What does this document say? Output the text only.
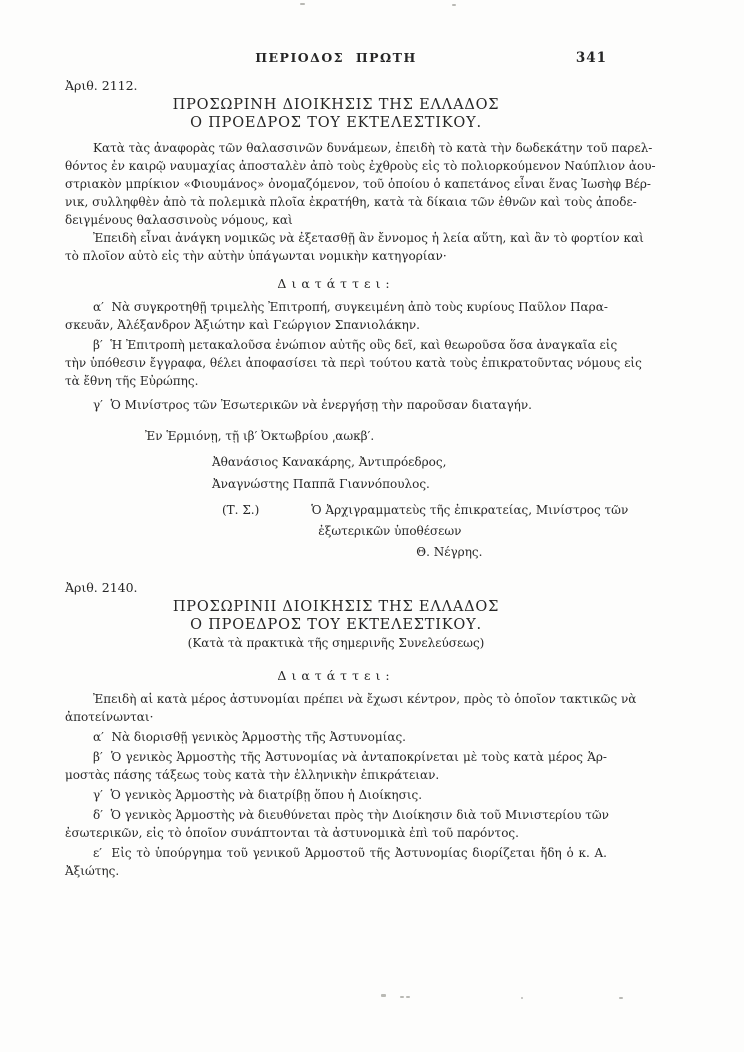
ΠΕΡΙΟΔΟΣ  ΠΡΩΤΗ	341
Ἀριθ. 2112.
ΠΡΟΣΩΡΙΝΗ ΔΙΟΙΚΗΣΙΣ ΤΗΣ ΕΛΛΑΔΟΣ
Ο ΠΡΟΕΔΡΟΣ ΤΟΥ ΕΚΤΕΛΕΣΤΙΚΟΥ.
Κατὰ τὰς ἀναφορὰς τῶν θαλασσινῶν δυνάμεων, ἐπειδὴ τὸ κατὰ τὴν δωδεκάτην τοῦ παρελ-
θόντος ἐν καιρῷ ναυμαχίας ἀποσταλὲν ἀπὸ τοὺς ἐχθροὺς εἰς τὸ πολιορκούμενον Ναύπλιον ἀου-
στριακὸν μπρίκιον «Φιουμάνος» ὀνομαζόμενον, τοῦ ὁποίου ὁ καπετάνος εἶναι ἕνας Ἰωσὴφ Βέρ-
νικ, συλληφθὲν ἀπὸ τὰ πολεμικὰ πλοῖα ἐκρατήθη, κατὰ τὰ δίκαια τῶν ἐθνῶν καὶ τοὺς ἀποδε-
δειγμένους θαλασσινοὺς νόμους, καὶ
Ἐπειδὴ εἶναι ἀνάγκη νομικῶς νὰ ἐξετασθῇ ἂν ἔννομος ἡ λεία αὕτη, καὶ ἂν τὸ φορτίον καὶ
τὸ πλοῖον αὐτὸ εἰς τὴν αὐτὴν ὑπάγωνται νομικὴν κατηγορίαν·
Διατάττει:
α′  Νὰ συγκροτηθῇ τριμελὴς Ἐπιτροπή, συγκειμένη ἀπὸ τοὺς κυρίους Παῦλον Παρα-
σκευᾶν, Ἀλέξανδρον Ἀξιώτην καὶ Γεώργιον Σπανιολάκην.
β′  Ἡ Ἐπιτροπὴ μετακαλοῦσα ἐνώπιον αὐτῆς οὓς δεῖ, καὶ θεωροῦσα ὅσα ἀναγκαῖα εἰς
τὴν ὑπόθεσιν ἔγγραφα, θέλει ἀποφασίσει τὰ περὶ τούτου κατὰ τοὺς ἐπικρατοῦντας νόμους εἰς
τὰ ἔθνη τῆς Εὐρώπης.
γ′  Ὁ Μινίστρος τῶν Ἐσωτερικῶν νὰ ἐνεργήσῃ τὴν παροῦσαν διαταγήν.
Ἐν Ἑρμιόνῃ, τῇ ιβ′ Ὀκτωβρίου ͵αωκβ′.
Ἀθανάσιος Κανακάρης, Ἀντιπρόεδρος,
Ἀναγνώστης Παππᾶ Γιαννόπουλος.
(Τ. Σ.)	Ὁ Ἀρχιγραμματεὺς τῆς ἐπικρατείας, Μινίστρος τῶν
ἐξωτερικῶν ὑποθέσεων
Θ. Νέγρης.
Ἀριθ. 2140.
ΠΡΟΣΩΡΙΝΙΙ ΔΙΟΙΚΗΣΙΣ ΤΗΣ ΕΛΛΑΔΟΣ
Ο ΠΡΟΕΔΡΟΣ ΤΟΥ ΕΚΤΕΛΕΣΤΙΚΟΥ.
(Κατὰ τὰ πρακτικὰ τῆς σημερινῆς Συνελεύσεως)
Διατάττει:
Ἐπειδὴ αἱ κατὰ μέρος ἀστυνομίαι πρέπει νὰ ἔχωσι κέντρον, πρὸς τὸ ὁποῖον τακτικῶς νὰ
ἀποτείνωνται·
α′  Νὰ διορισθῇ γενικὸς Ἁρμοστὴς τῆς Ἀστυνομίας.
β′  Ὁ γενικὸς Ἁρμοστὴς τῆς Ἀστυνομίας νὰ ἀνταποκρίνεται μὲ τοὺς κατὰ μέρος Ἁρ-
μοστὰς πάσης τάξεως τοὺς κατὰ τὴν ἑλληνικὴν ἐπικράτειαν.
γ′  Ὁ γενικὸς Ἁρμοστὴς νὰ διατρίβῃ ὅπου ἡ Διοίκησις.
δ′  Ὁ γενικὸς Ἁρμοστὴς νὰ διευθύνεται πρὸς τὴν Διοίκησιν διὰ τοῦ Μινιστερίου τῶν
ἐσωτερικῶν, εἰς τὸ ὁποῖον συνάπτονται τὰ ἀστυνομικὰ ἐπὶ τοῦ παρόντος.
ε′  Εἰς τὸ ὑπούργημα τοῦ γενικοῦ Ἁρμοστοῦ τῆς Ἀστυνομίας διορίζεται ἤδη ὁ κ. Α.
Ἀξιώτης.
